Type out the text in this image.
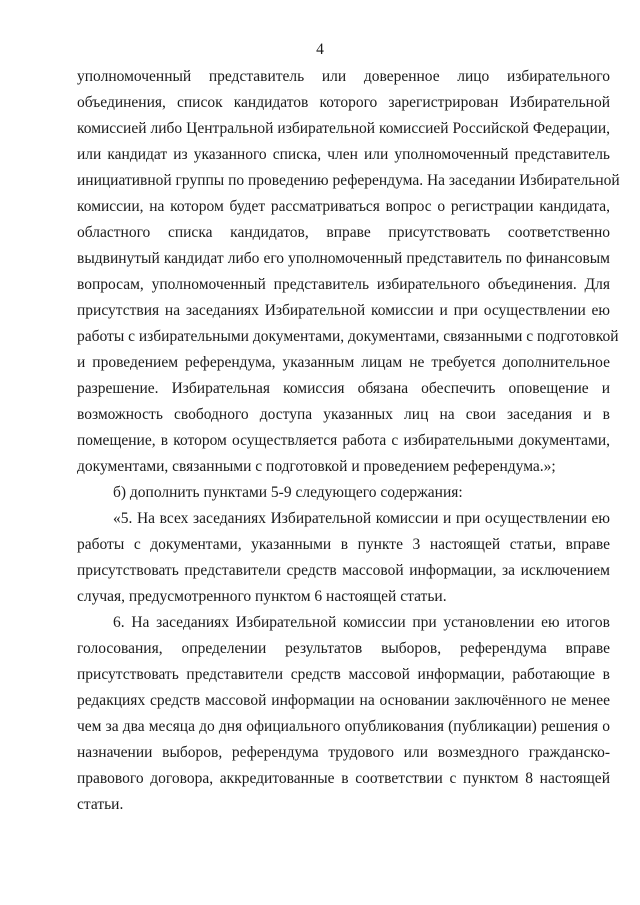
4
уполномоченный представитель или доверенное лицо избирательного
объединения, список кандидатов которого зарегистрирован Избирательной
комиссией либо Центральной избирательной комиссией Российской Федерации,
или кандидат из указанного списка, член или уполномоченный представитель
инициативной группы по проведению референдума. На заседании Избирательной
комиссии, на котором будет рассматриваться вопрос о регистрации кандидата,
областного списка кандидатов, вправе присутствовать соответственно
выдвинутый кандидат либо его уполномоченный представитель по финансовым
вопросам, уполномоченный представитель избирательного объединения. Для
присутствия на заседаниях Избирательной комиссии и при осуществлении ею
работы с избирательными документами, документами, связанными с подготовкой
и проведением референдума, указанным лицам не требуется дополнительное
разрешение. Избирательная комиссия обязана обеспечить оповещение и
возможность свободного доступа указанных лиц на свои заседания и в
помещение, в котором осуществляется работа с избирательными документами,
документами, связанными с подготовкой и проведением референдума.»;
б) дополнить пунктами 5-9 следующего содержания:
«5. На всех заседаниях Избирательной комиссии и при осуществлении ею
работы с документами, указанными в пункте 3 настоящей статьи, вправе
присутствовать представители средств массовой информации, за исключением
случая, предусмотренного пунктом 6 настоящей статьи.
6. На заседаниях Избирательной комиссии при установлении ею итогов
голосования, определении результатов выборов, референдума вправе
присутствовать представители средств массовой информации, работающие в
редакциях средств массовой информации на основании заключённого не менее
чем за два месяца до дня официального опубликования (публикации) решения о
назначении выборов, референдума трудового или возмездного гражданско-
правового договора, аккредитованные в соответствии с пунктом 8 настоящей
статьи.
